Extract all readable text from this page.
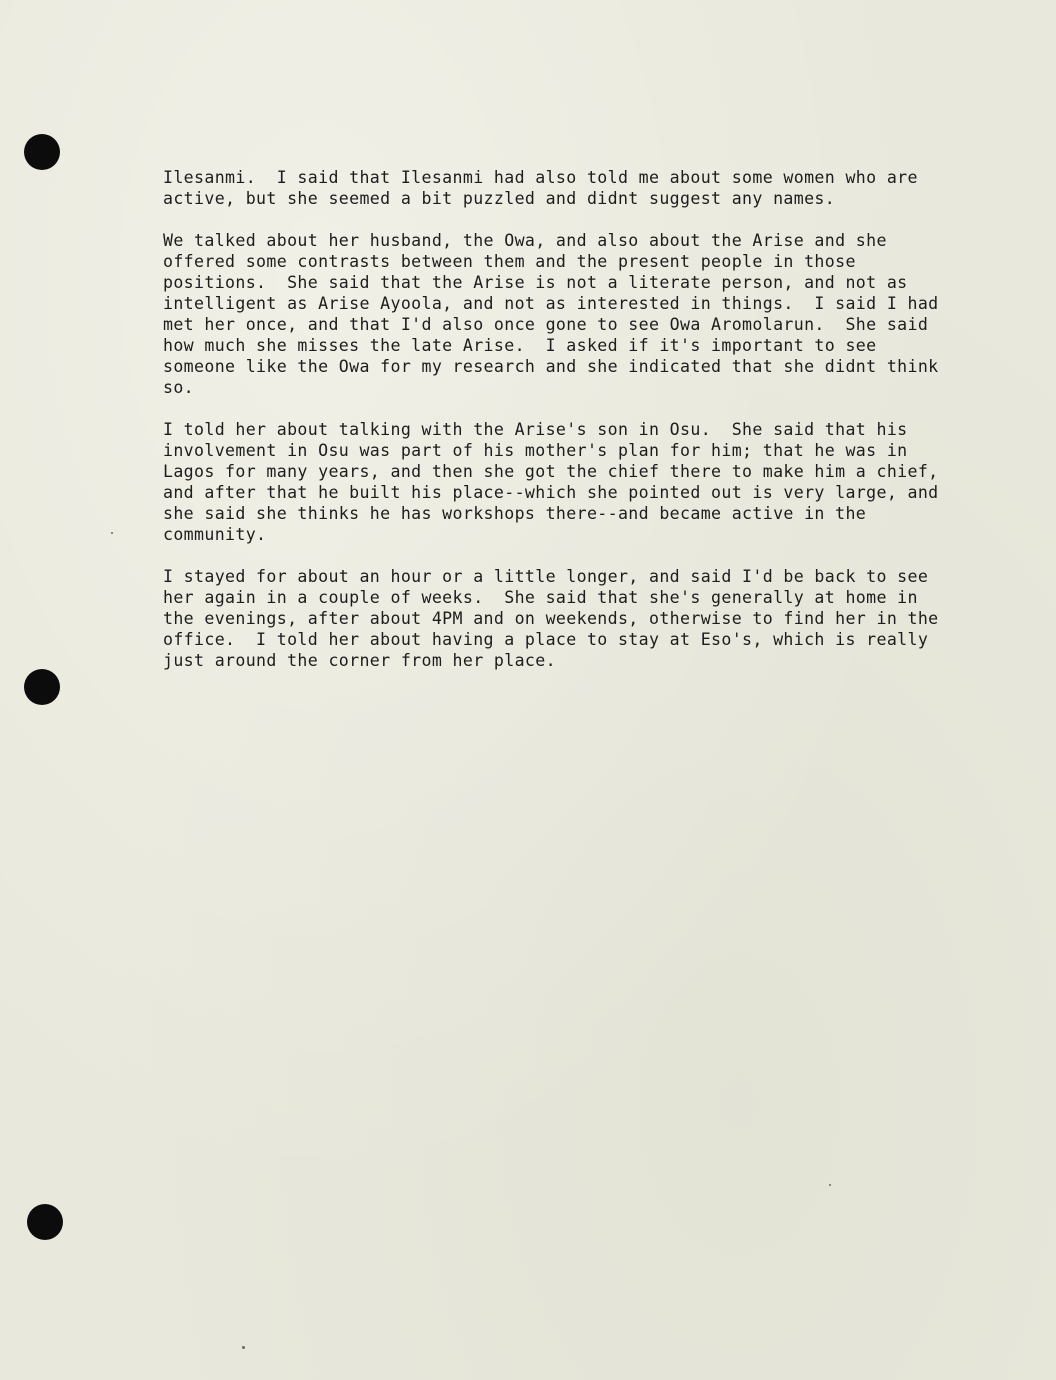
Ilesanmi.  I said that Ilesanmi had also told me about some women who are
active, but she seemed a bit puzzled and didnt suggest any names.

We talked about her husband, the Owa, and also about the Arise and she
offered some contrasts between them and the present people in those
positions.  She said that the Arise is not a literate person, and not as
intelligent as Arise Ayoola, and not as interested in things.  I said I had
met her once, and that I'd also once gone to see Owa Aromolarun.  She said
how much she misses the late Arise.  I asked if it's important to see
someone like the Owa for my research and she indicated that she didnt think
so.

I told her about talking with the Arise's son in Osu.  She said that his
involvement in Osu was part of his mother's plan for him; that he was in
Lagos for many years, and then she got the chief there to make him a chief,
and after that he built his place--which she pointed out is very large, and
she said she thinks he has workshops there--and became active in the
community.

I stayed for about an hour or a little longer, and said I'd be back to see
her again in a couple of weeks.  She said that she's generally at home in
the evenings, after about 4PM and on weekends, otherwise to find her in the
office.  I told her about having a place to stay at Eso's, which is really
just around the corner from her place.
